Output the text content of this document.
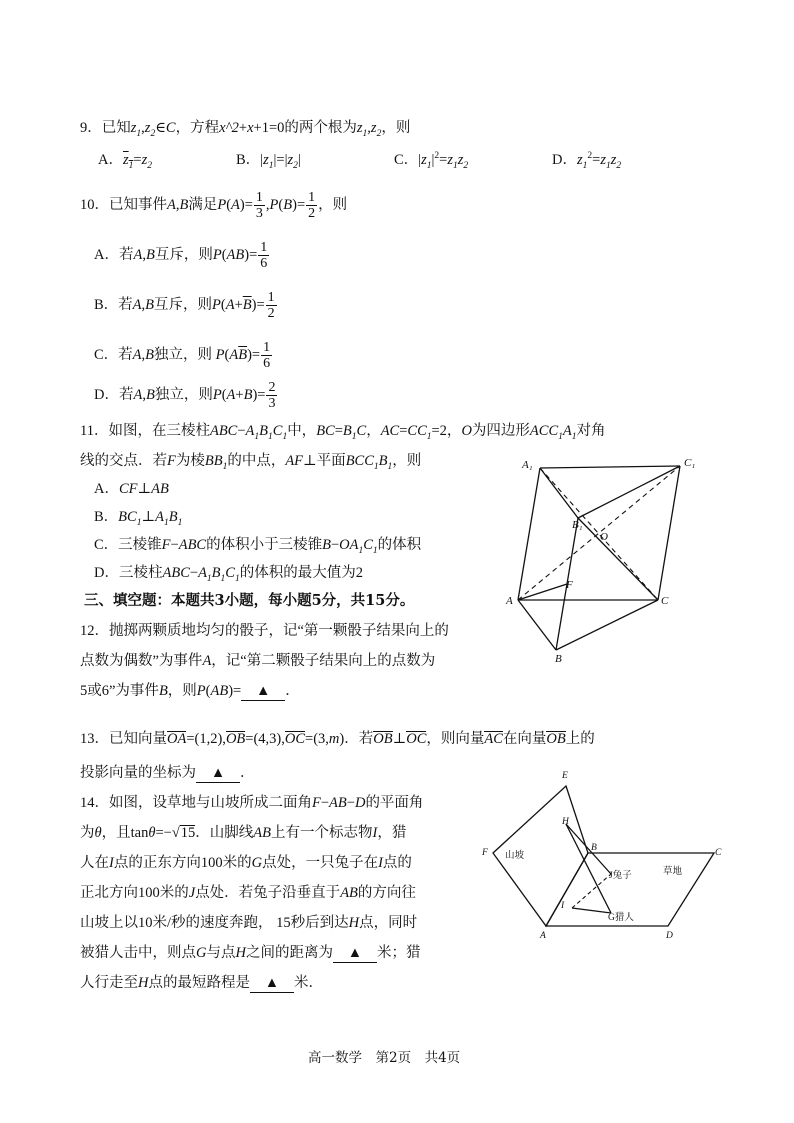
9．已知$z_1,z_2\in C$，方程x^2+x+1=0的两个根为$z_1,z_2$，则
A．$z_1=z_2$	B．$|z_1|=|z_2|$	C．$|z_1|^2=z_1z_2$	D．$z_1^2=z_1z_2$
10．已知事件A,B满足$P(A)= \frac{1}{3} ,P(B)= \frac{1}{2}$ ，则
A．若A,B互斥，则$P(AB)= \frac{1}{6}$
B．若A,B互斥，则$P(A+\overline{B})= \frac{1}{2}$
C．若A,B独立，则 $P(A\overline{B})= \frac{1}{6}$
D．若A,B独立，则$P(A+B)= \frac{2}{3}$
11．如图，在三棱柱$ABC-A_1B_1C_1$中，$BC=B_1C$，$AC=CC_1=2$，O为四边形$ACC_1A_1$对角
线的交点．若F为棱$BB_1$的中点，AF⊥平面$BCC_1B_1$，则
A．CF⊥AB
B．$BC_1\perp A_1B_1$
C．三棱锥F−ABC的体积小于三棱锥$B-OA_1C_1$的体积
D．三棱柱$ABC-A_1B_1C_1$的体积的最大值为2
A₁	C₁
B₁
O
F
A	C
B
三、填空题：本题共3小题，每小题5分，共15分。
12．抛掷两颗质地均匀的骰子，记“第一颗骰子结果向上的
点数为偶数”为事件A，记“第二颗骰子结果向上的点数为
5或6”为事件B，则P(AB)= ▲ ．
13．已知向量OA=(1,2),OB=(4,3),OC=(3,m)．若OB⊥OC，则向量AC在向量OB上的
投影向量的坐标为 ▲ ．
14．如图，设草地与山坡所成二面角F−AB−D的平面角
为θ，且tanθ=−√15．山脚线AB上有一个标志物I，猎
人在I点的正东方向100米的G点处，一只兔子在I点的
正北方向100米的J点处．若兔子沿垂直于AB的方向往
山坡上以10米/秒的速度奔跑， 15秒后到达H点，同时
被猎人击中，则点G与点H之间的距离为 ▲ 米；猎
人行走至H点的最短路程是 ▲ 米．
E
F	B	C
H
山坡
J兔子	草地
I
G猎人
A	D
高一数学　第2页　共4页
